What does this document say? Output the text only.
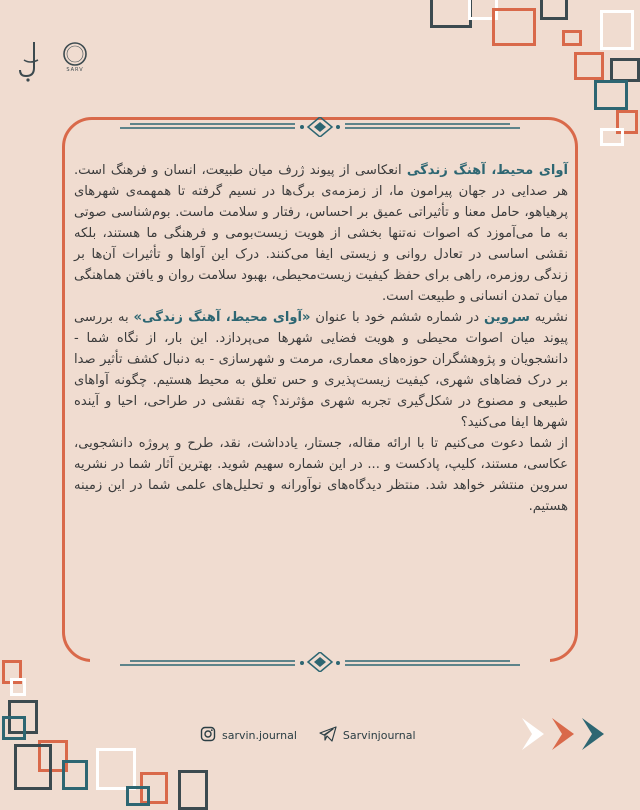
SARV

آوای محیط، آهنگ زندگی انعکاسی از پیوند ژرف میان طبیعت، انسان و فرهنگ است. هر صدایی در جهان پیرامون ما، از زمزمه‌ی برگ‌ها در نسیم گرفته تا همهمه‌ی شهرهای پرهیاهو، حامل معنا و تأثیراتی عمیق بر احساس، رفتار و سلامت ماست. بوم‌شناسی صوتی به ما می‌آموزد که اصوات نه‌تنها بخشی از هویت زیست‌بومی و فرهنگی ما هستند، بلکه نقشی اساسی در تعادل روانی و زیستی ایفا می‌کنند. درک این آواها و تأثیرات آن‌ها بر زندگی روزمره، راهی برای حفظ کیفیت زیست‌محیطی، بهبود سلامت روان و یافتن هماهنگی میان تمدن انسانی و طبیعت است.

نشریه سروین در شماره ششم خود با عنوان «آوای محیط، آهنگ زندگی» به بررسی پیوند میان اصوات محیطی و هویت فضایی شهرها می‌پردازد. این بار، از نگاه شما - دانشجویان و پژوهشگران حوزه‌های معماری، مرمت و شهرسازی - به دنبال کشف تأثیر صدا بر درک فضاهای شهری، کیفیت زیست‌پذیری و حس تعلق به محیط هستیم. چگونه آواهای طبیعی و مصنوع در شکل‌گیری تجربه شهری مؤثرند؟ چه نقشی در طراحی، احیا و آینده شهرها ایفا می‌کنید؟

از شما دعوت می‌کنیم تا با ارائه مقاله، جستار، یادداشت، نقد، طرح و پروژه دانشجویی، عکاسی، مستند، کلیپ، پادکست و ... در این شماره سهیم شوید. بهترین آثار شما در نشریه سروین منتشر خواهد شد. منتظر دیدگاه‌های نوآورانه و تحلیل‌های علمی شما در این زمینه هستیم.

sarvin.journal	Sarvinjournal
